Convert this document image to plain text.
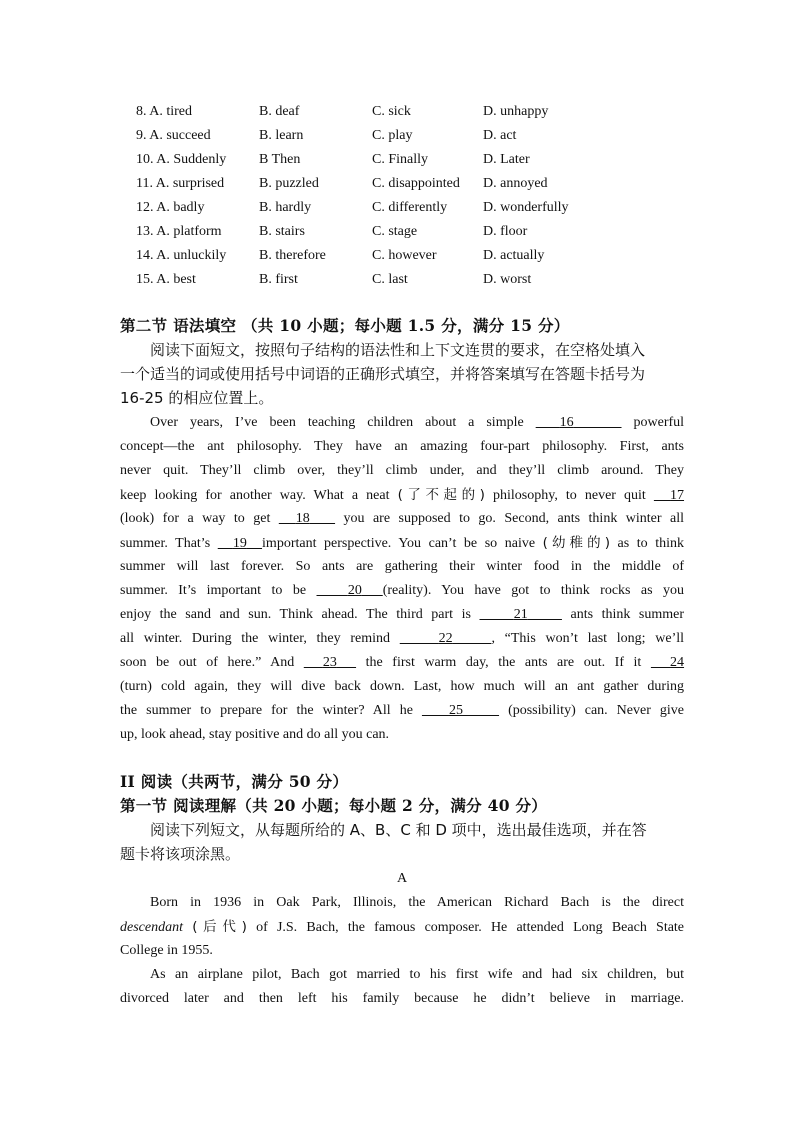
8. A. tired	B. deaf	C. sick	D. unhappy
9. A. succeed	B. learn	C. play	D. act
10. A. Suddenly	B Then	C. Finally	D. Later
11. A. surprised	B. puzzled	C. disappointed	D. annoyed
12. A. badly	B. hardly	C. differently	D. wonderfully
13. A. platform	B. stairs	C. stage	D. floor
14. A. unluckily	B. therefore	C. however	D. actually
15. A. best	B. first	C. last	D. worst
第二节 语法填空 （共 10 小题；每小题 1.5 分，满分 15 分）
阅读下面短文，按照句子结构的语法性和上下文连贯的要求，在空格处填入
一个适当的词或使用括号中词语的正确形式填空，并将答案填写在答题卡括号为
16-25 的相应位置上。
Over years, I’ve been teaching children about a simple	16	powerful
concept—the ant philosophy. They have an amazing four-part philosophy. First, ants
never quit. They’ll climb over, they’ll climb under, and they’ll climb around. They
keep looking for another way. What a neat (了不起的) philosophy, to never quit 17
(look) for a way to get 18 you are supposed to go. Second, ants think winter all
summer. That’s 19 important perspective. You can’t be so naive (幼稚的) as to think
summer will last forever. So ants are gathering their winter food in the middle of
summer. It’s important to be	20 (reality). You have got to think rocks as you
enjoy the sand and sun. Think ahead. The third part is	21	ants think summer
all winter. During the winter, they remind	22	, “This won’t last long; we’ll
soon be out of here.” And 23 the first warm day, the ants are out. If it 24
(turn) cold again, they will dive back down. Last, how much will an ant gather during
the summer to prepare for the winter? All he	25	(possibility) can. Never give
up, look ahead, stay positive and do all you can.
II 阅读（共两节，满分 50 分）
第一节 阅读理解（共 20 小题；每小题 2 分，满分 40 分）
阅读下列短文，从每题所给的 A、B、C 和 D 项中，选出最佳选项，并在答
题卡将该项涂黑。
A
Born in 1936 in Oak Park, Illinois, the American Richard Bach is the direct
descendant (后代) of J.S. Bach, the famous composer. He attended Long Beach State
College in 1955.
As an airplane pilot, Bach got married to his first wife and had six children, but
divorced later and then left his family because he didn’t believe in marriage.
